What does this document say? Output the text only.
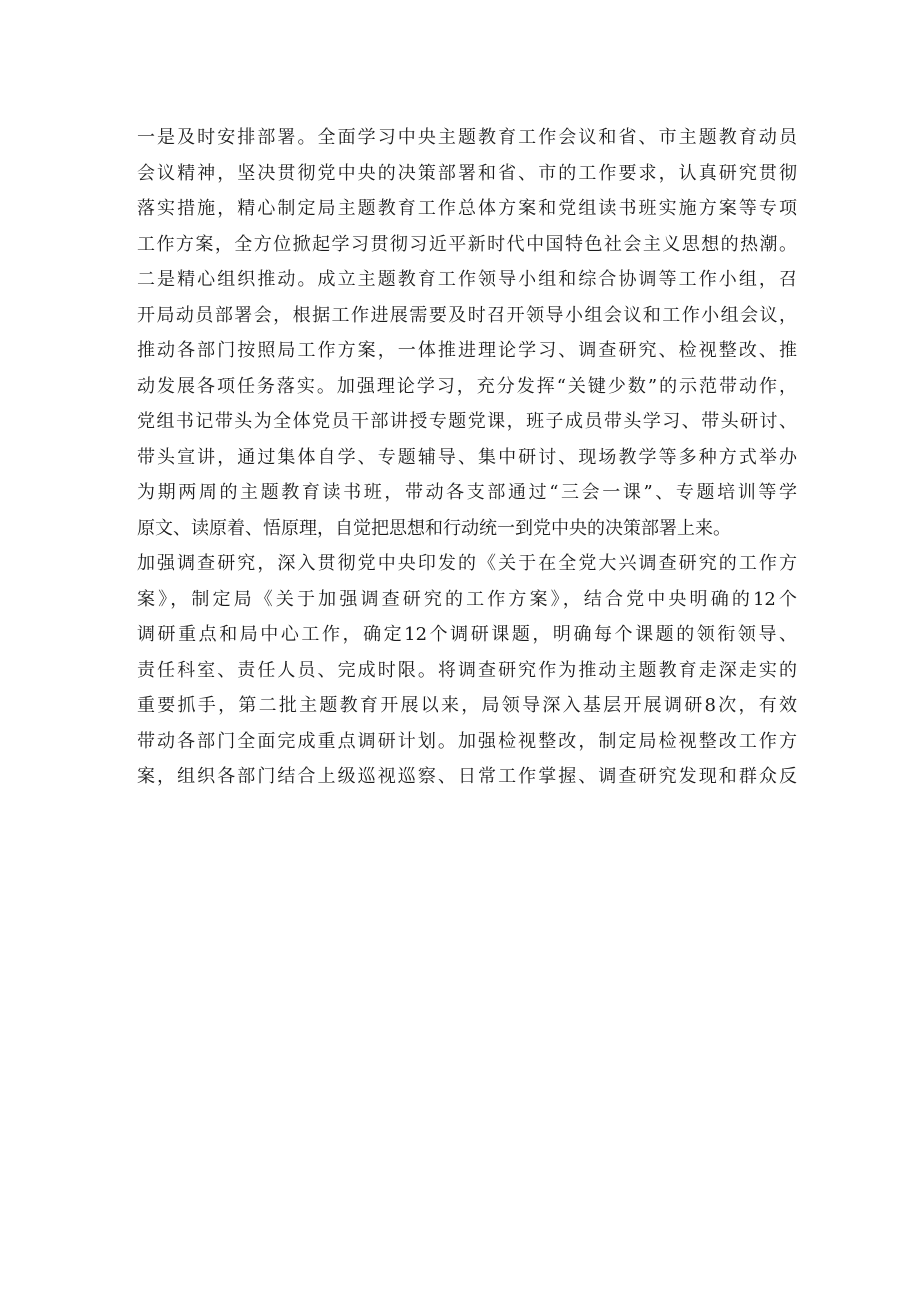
一是及时安排部署。全面学习中央主题教育工作会议和省、市主题教育动员
会议精神，坚决贯彻党中央的决策部署和省、市的工作要求，认真研究贯彻
落实措施，精心制定局主题教育工作总体方案和党组读书班实施方案等专项
工作方案，全方位掀起学习贯彻习近平新时代中国特色社会主义思想的热潮。
二是精心组织推动。成立主题教育工作领导小组和综合协调等工作小组，召
开局动员部署会，根据工作进展需要及时召开领导小组会议和工作小组会议，
推动各部门按照局工作方案，一体推进理论学习、调查研究、检视整改、推
动发展各项任务落实。加强理论学习，充分发挥“关键少数”的示范带动作，
党组书记带头为全体党员干部讲授专题党课，班子成员带头学习、带头研讨、
带头宣讲，通过集体自学、专题辅导、集中研讨、现场教学等多种方式举办
为期两周的主题教育读书班，带动各支部通过“三会一课”、专题培训等学
原文、读原着、悟原理，自觉把思想和行动统一到党中央的决策部署上来。
加强调查研究，深入贯彻党中央印发的《关于在全党大兴调查研究的工作方
案》，制定局《关于加强调查研究的工作方案》，结合党中央明确的12个
调研重点和局中心工作，确定12个调研课题，明确每个课题的领衔领导、
责任科室、责任人员、完成时限。将调查研究作为推动主题教育走深走实的
重要抓手，第二批主题教育开展以来，局领导深入基层开展调研8次，有效
带动各部门全面完成重点调研计划。加强检视整改，制定局检视整改工作方
案，组织各部门结合上级巡视巡察、日常工作掌握、调查研究发现和群众反
